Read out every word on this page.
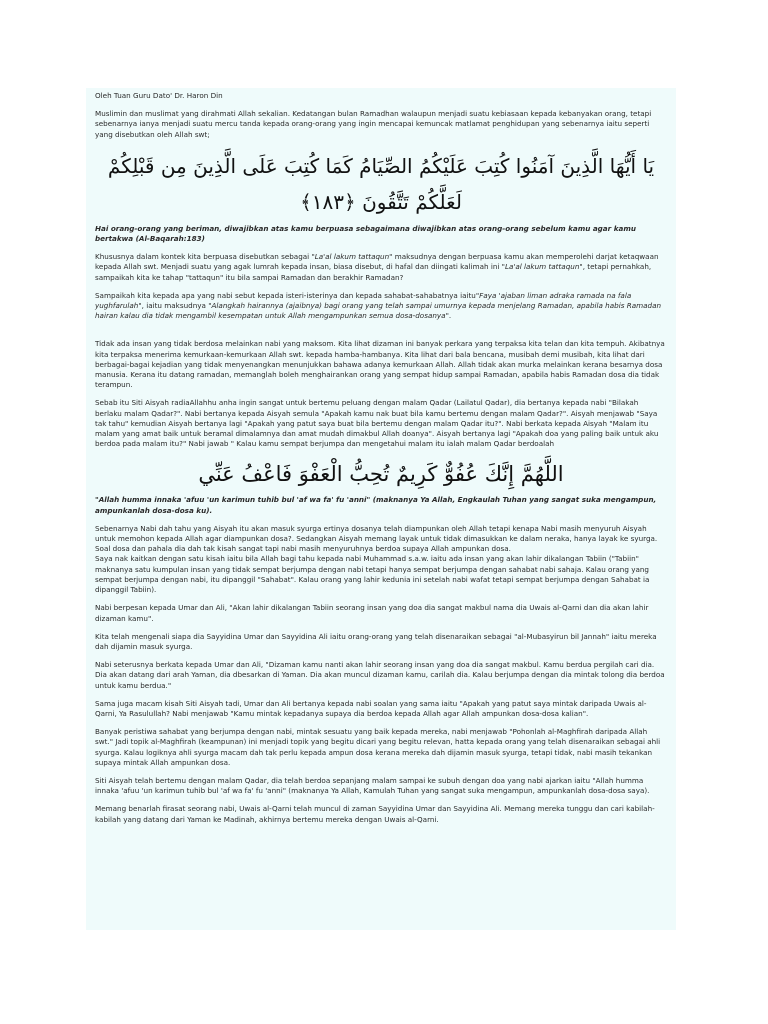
Oleh Tuan Guru Dato' Dr. Haron Din

Muslimin dan muslimat yang dirahmati Allah sekalian. Kedatangan bulan Ramadhan walaupun menjadi suatu kebiasaan kepada kebanyakan orang, tetapi sebenarnya ianya menjadi suatu mercu tanda kepada orang-orang yang ingin mencapai kemuncak matlamat penghidupan yang sebenarnya iaitu seperti yang disebutkan oleh Allah swt;

يَا أَيُّهَا الَّذِينَ آمَنُوا كُتِبَ عَلَيْكُمُ الصِّيَامُ كَمَا كُتِبَ عَلَى الَّذِينَ مِن قَبْلِكُمْ لَعَلَّكُمْ تَتَّقُونَ ﴿١٨٣﴾

Hai orang-orang yang beriman, diwajibkan atas kamu berpuasa sebagaimana diwajibkan atas orang-orang sebelum kamu agar kamu bertakwa (Al-Baqarah:183)

Khususnya dalam kontek kita berpuasa disebutkan sebagai "La'al lakum tattaqun" maksudnya dengan berpuasa kamu akan memperolehi darjat ketaqwaan kepada Allah swt. Menjadi suatu yang agak lumrah kepada insan, biasa disebut, di hafal dan diingati kalimah ini "La'al lakum tattaqun", tetapi pernahkah, sampaikah kita ke tahap "tattaqun" itu bila sampai Ramadan dan berakhir Ramadan?

Sampaikah kita kepada apa yang nabi sebut kepada isteri-isterinya dan kepada sahabat-sahabatnya iaitu"Faya 'ajaban liman adraka ramada na fala yughfarulah", iaitu maksudnya "Alangkah hairannya (ajaibnya) bagi orang yang telah sampai umurnya kepada menjelang Ramadan, apabila habis Ramadan hairan kalau dia tidak mengambil kesempatan untuk Allah mengampunkan semua dosa-dosanya".

Tidak ada insan yang tidak berdosa melainkan nabi yang maksom. Kita lihat dizaman ini banyak perkara yang terpaksa kita telan dan kita tempuh. Akibatnya kita terpaksa menerima kemurkaan-kemurkaan Allah swt. kepada hamba-hambanya. Kita lihat dari bala bencana, musibah demi musibah, kita lihat dari berbagai-bagai kejadian yang tidak menyenangkan menunjukkan bahawa adanya kemurkaan Allah. Allah tidak akan murka melainkan kerana besarnya dosa manusia. Kerana itu datang ramadan, memanglah boleh menghairankan orang yang sempat hidup sampai Ramadan, apabila habis Ramadan dosa dia tidak terampun.

Sebab itu Siti Aisyah radiaAllahhu anha ingin sangat untuk bertemu peluang dengan malam Qadar (Lailatul Qadar), dia bertanya kepada nabi "Bilakah berlaku malam Qadar?". Nabi bertanya kepada Aisyah semula "Apakah kamu nak buat bila kamu bertemu dengan malam Qadar?". Aisyah menjawab "Saya tak tahu" kemudian Aisyah bertanya lagi "Apakah yang patut saya buat bila bertemu dengan malam Qadar itu?". Nabi berkata kepada Aisyah "Malam itu malam yang amat baik untuk beramal dimalamnya dan amat mudah dimakbul Allah doanya". Aisyah bertanya lagi "Apakah doa yang paling baik untuk aku berdoa pada malam itu?" Nabi jawab " Kalau kamu sempat berjumpa dan mengetahui malam itu ialah malam Qadar berdoalah

اللَّهُمَّ إِنَّكَ عُفُوٌّ كَرِيمٌ تُحِبُّ الْعَفْوَ فَاعْفُ عَنِّي

"Allah humma innaka 'afuu 'un karimun tuhib bul 'af wa fa' fu 'anni" (maknanya Ya Allah, Engkaulah Tuhan yang sangat suka mengampun, ampunkanlah dosa-dosa ku).

Sebenarnya Nabi dah tahu yang Aisyah itu akan masuk syurga ertinya dosanya telah diampunkan oleh Allah tetapi kenapa Nabi masih menyuruh Aisyah untuk memohon kepada Allah agar diampunkan dosa?. Sedangkan Aisyah memang layak untuk tidak dimasukkan ke dalam neraka, hanya layak ke syurga. Soal dosa dan pahala dia dah tak kisah sangat tapi nabi masih menyuruhnya berdoa supaya Allah ampunkan dosa.

Saya nak kaitkan dengan satu kisah iaitu bila Allah bagi tahu kepada nabi Muhammad s.a.w. iaitu ada insan yang akan lahir dikalangan Tabiin ("Tabiin" maknanya satu kumpulan insan yang tidak sempat berjumpa dengan nabi tetapi hanya sempat berjumpa dengan sahabat nabi sahaja. Kalau orang yang sempat berjumpa dengan nabi, itu dipanggil "Sahabat". Kalau orang yang lahir kedunia ini setelah nabi wafat tetapi sempat berjumpa dengan Sahabat ia dipanggil Tabiin).

Nabi berpesan kepada Umar dan Ali, "Akan lahir dikalangan Tabiin seorang insan yang doa dia sangat makbul nama dia Uwais al-Qarni dan dia akan lahir dizaman kamu".

Kita telah mengenali siapa dia Sayyidina Umar dan Sayyidina Ali iaitu orang-orang yang telah disenaraikan sebagai "al-Mubasyirun bil Jannah" iaitu mereka dah dijamin masuk syurga.

Nabi seterusnya berkata kepada Umar dan Ali, "Dizaman kamu nanti akan lahir seorang insan yang doa dia sangat makbul. Kamu berdua pergilah cari dia. Dia akan datang dari arah Yaman, dia dbesarkan di Yaman. Dia akan muncul dizaman kamu, carilah dia. Kalau berjumpa dengan dia mintak tolong dia berdoa untuk kamu berdua."

Sama juga macam kisah Siti Aisyah tadi, Umar dan Ali bertanya kepada nabi soalan yang sama iaitu "Apakah yang patut saya mintak daripada Uwais al-Qarni, Ya Rasulullah? Nabi menjawab "Kamu mintak kepadanya supaya dia berdoa kepada Allah agar Allah ampunkan dosa-dosa kalian".

Banyak peristiwa sahabat yang berjumpa dengan nabi, mintak sesuatu yang baik kepada mereka, nabi menjawab "Pohonlah al-Maghfirah daripada Allah swt." Jadi topik al-Maghfirah (keampunan) ini menjadi topik yang begitu dicari yang begitu relevan, hatta kepada orang yang telah disenaraikan sebagai ahli syurga. Kalau logiknya ahli syurga macam dah tak perlu kepada ampun dosa kerana mereka dah dijamin masuk syurga, tetapi tidak, nabi masih tekankan supaya mintak Allah ampunkan dosa.

Siti Aisyah telah bertemu dengan malam Qadar, dia telah berdoa sepanjang malam sampai ke subuh dengan doa yang nabi ajarkan iaitu "Allah humma innaka 'afuu 'un karimun tuhib bul 'af wa fa' fu 'anni" (maknanya Ya Allah, Kamulah Tuhan yang sangat suka mengampun, ampunkanlah dosa-dosa saya).

Memang benarlah firasat seorang nabi, Uwais al-Qarni telah muncul di zaman Sayyidina Umar dan Sayyidina Ali. Memang mereka tunggu dan cari kabilah-kabilah yang datang dari Yaman ke Madinah, akhirnya bertemu mereka dengan Uwais al-Qarni.
